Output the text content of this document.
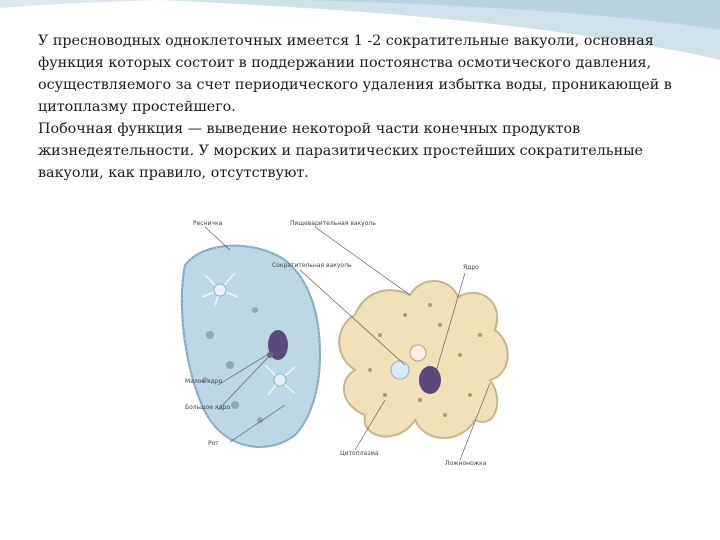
У пресноводных одноклеточных имеется 1 -2 сократительные вакуоли, основная функция которых состоит в поддержании постоянства осмотического давления, осуществляемого за счет периодического удаления избытка воды, проникающей в цитоплазму простейшего.

Побочная функция — выведение некоторой части конечных продуктов жизнедеятельности. У морских и паразитических простейших сократительные вакуоли, как правило, отсутствуют.

Ресничка	Пищеварительная вакуоль
Сократительная вакуоль	Ядро
Малое ядро
Большое ядро
Рот
Цитоплазма
Ложноножка
